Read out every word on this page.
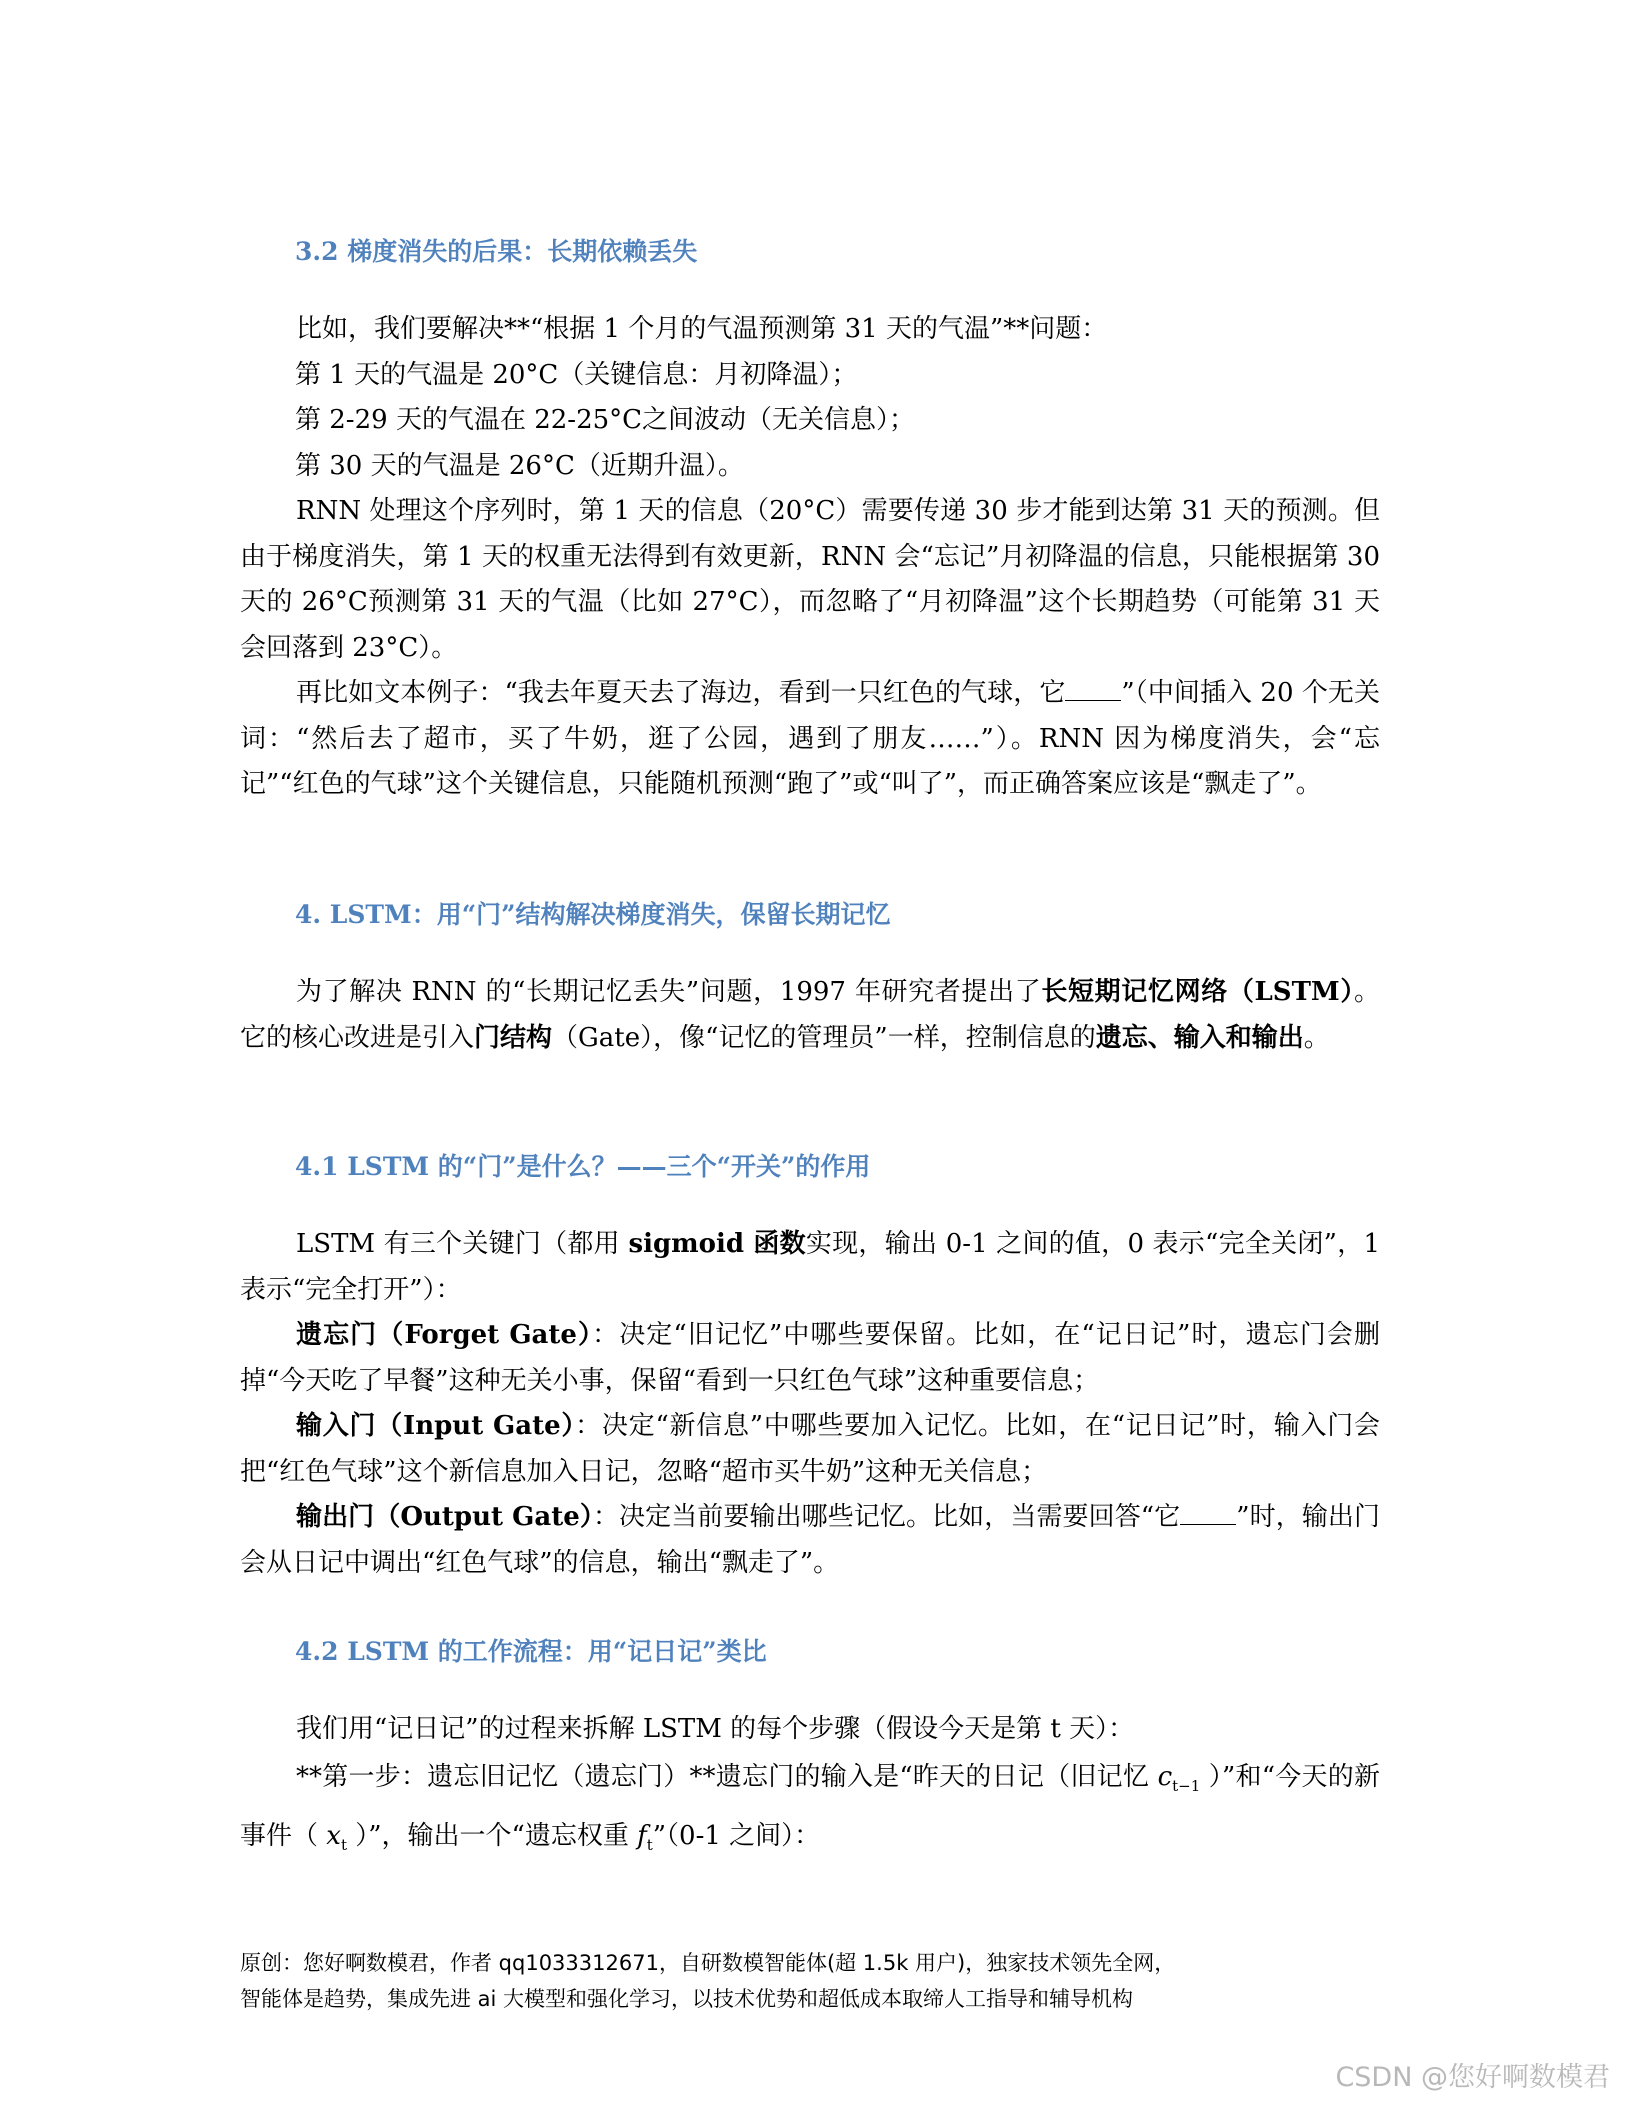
3.2 梯度消失的后果：长期依赖丢失

比如，我们要解决**“根据 1 个月的气温预测第 31 天的气温”**问题：

第 1 天的气温是 20°C（关键信息：月初降温）；

第 2-29 天的气温在 22-25°C之间波动（无关信息）；

第 30 天的气温是 26°C（近期升温）。

RNN 处理这个序列时，第 1 天的信息（20°C）需要传递 30 步才能到达第 31 天的预测。但由于梯度消失，第 1 天的权重无法得到有效更新，RNN 会“忘记”月初降温的信息，只能根据第 30 天的 26°C预测第 31 天的气温（比如 27°C），而忽略了“月初降温”这个长期趋势（可能第 31 天会回落到 23°C）。

再比如文本例子：“我去年夏天去了海边，看到一只红色的气球，它 ”（中间插入 20 个无关词：“然后去了超市，买了牛奶，逛了公园，遇到了朋友……”）。RNN 因为梯度消失，会“忘记”“红色的气球”这个关键信息，只能随机预测“跑了”或“叫了”，而正确答案应该是“飘走了”。

4. LSTM：用“门”结构解决梯度消失，保留长期记忆

为了解决 RNN 的“长期记忆丢失”问题，1997 年研究者提出了长短期记忆网络（LSTM）。它的核心改进是引入门结构（Gate），像“记忆的管理员”一样，控制信息的遗忘、输入和输出。

4.1 LSTM 的“门”是什么？——三个“开关”的作用

LSTM 有三个关键门（都用 sigmoid 函数实现，输出 0-1 之间的值，0 表示“完全关闭”，1 表示“完全打开”）：

遗忘门（Forget Gate）：决定“旧记忆”中哪些要保留。比如，在“记日记”时，遗忘门会删掉“今天吃了早餐”这种无关小事，保留“看到一只红色气球”这种重要信息；

输入门（Input Gate）：决定“新信息”中哪些要加入记忆。比如，在“记日记”时，输入门会把“红色气球”这个新信息加入日记，忽略“超市买牛奶”这种无关信息；

输出门（Output Gate）：决定当前要输出哪些记忆。比如，当需要回答“它 ”时，输出门会从日记中调出“红色气球”的信息，输出“飘走了”。

4.2 LSTM 的工作流程：用“记日记”类比

我们用“记日记”的过程来拆解 LSTM 的每个步骤（假设今天是第 t 天）：

**第一步：遗忘旧记忆（遗忘门）**遗忘门的输入是“昨天的日记（旧记忆 $c_{t-1}$ ）”和“今天的新事件（ $x_t$ ）”，输出一个“遗忘权重 $f_t”(0-1$ 之间）：

原创：您好啊数模君，作者 qq1033312671，自研数模智能体(超 1.5k 用户)，独家技术领先全网，
智能体是趋势，集成先进 ai 大模型和强化学习，以技术优势和超低成本取缔人工指导和辅导机构
CSDN @您好啊数模君
